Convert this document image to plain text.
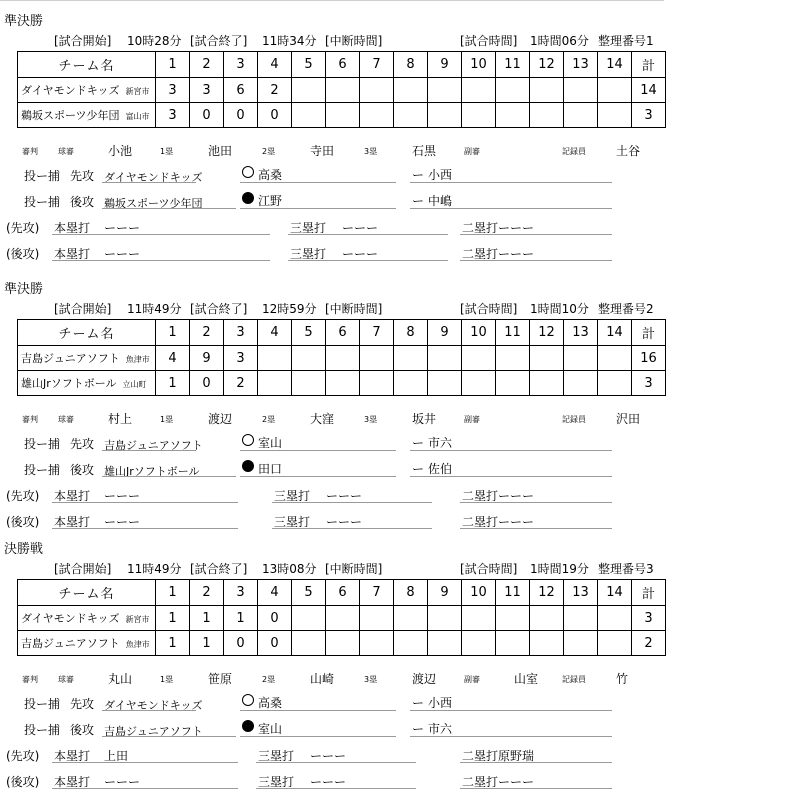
準決勝
[試合開始] 10時28分 [試合終了] 11時34分 [中断時間]	[試合時間] 1時間06分 整理番号1
チーム名	1	2	3	4	5	6	7	8	9	10	11	12	13	14	計
ダイヤモンドキッズ 新宮市	3	3	6	2											14
鵜坂スポーツ少年団 富山市	3	0	0	0											3
審判	球審	小池	1塁	池田	2塁	寺田	3塁	石黒	副審	記録員	土谷
投ー捕 先攻 ダイヤモンドキッズ	高桑	ー 小西
投ー捕 後攻 鵜坂スポーツ少年団	江野	ー 中嶋
(先攻) 本塁打 ーーー	三塁打 ーーー	二塁打 ーーー
(後攻) 本塁打 ーーー	三塁打 ーーー	二塁打 ーーー
準決勝
[試合開始] 11時49分 [試合終了] 12時59分 [中断時間]	[試合時間] 1時間10分 整理番号2
チーム名	1	2	3	4	5	6	7	8	9	10	11	12	13	14	計
吉島ジュニアソフト 魚津市	4	9	3												16
雄山Jrソフトボール 立山町	1	0	2												3
審判	球審	村上	1塁	渡辺	2塁	大窪	3塁	坂井	副審	記録員	沢田
投ー捕 先攻 吉島ジュニアソフト	室山	ー 市六
投ー捕 後攻 雄山Jrソフトボール	田口	ー 佐伯
(先攻) 本塁打 ーーー	三塁打 ーーー	二塁打 ーーー
(後攻) 本塁打 ーーー	三塁打 ーーー	二塁打 ーーー
決勝戦
[試合開始] 11時49分 [試合終了] 13時08分 [中断時間]	[試合時間] 1時間19分 整理番号3
チーム名	1	2	3	4	5	6	7	8	9	10	11	12	13	14	計
ダイヤモンドキッズ 新宮市	1	1	1	0											3
吉島ジュニアソフト 魚津市	1	1	0	0											2
審判	球審	丸山	1塁	笹原	2塁	山崎	3塁	渡辺	副審	山室	記録員	竹
投ー捕 先攻 ダイヤモンドキッズ	高桑	ー 小西
投ー捕 後攻 吉島ジュニアソフト	室山	ー 市六
(先攻) 本塁打 上田	三塁打 ーーー	二塁打 原野瑞
(後攻) 本塁打 ーーー	三塁打 ーーー	二塁打 ーーー
